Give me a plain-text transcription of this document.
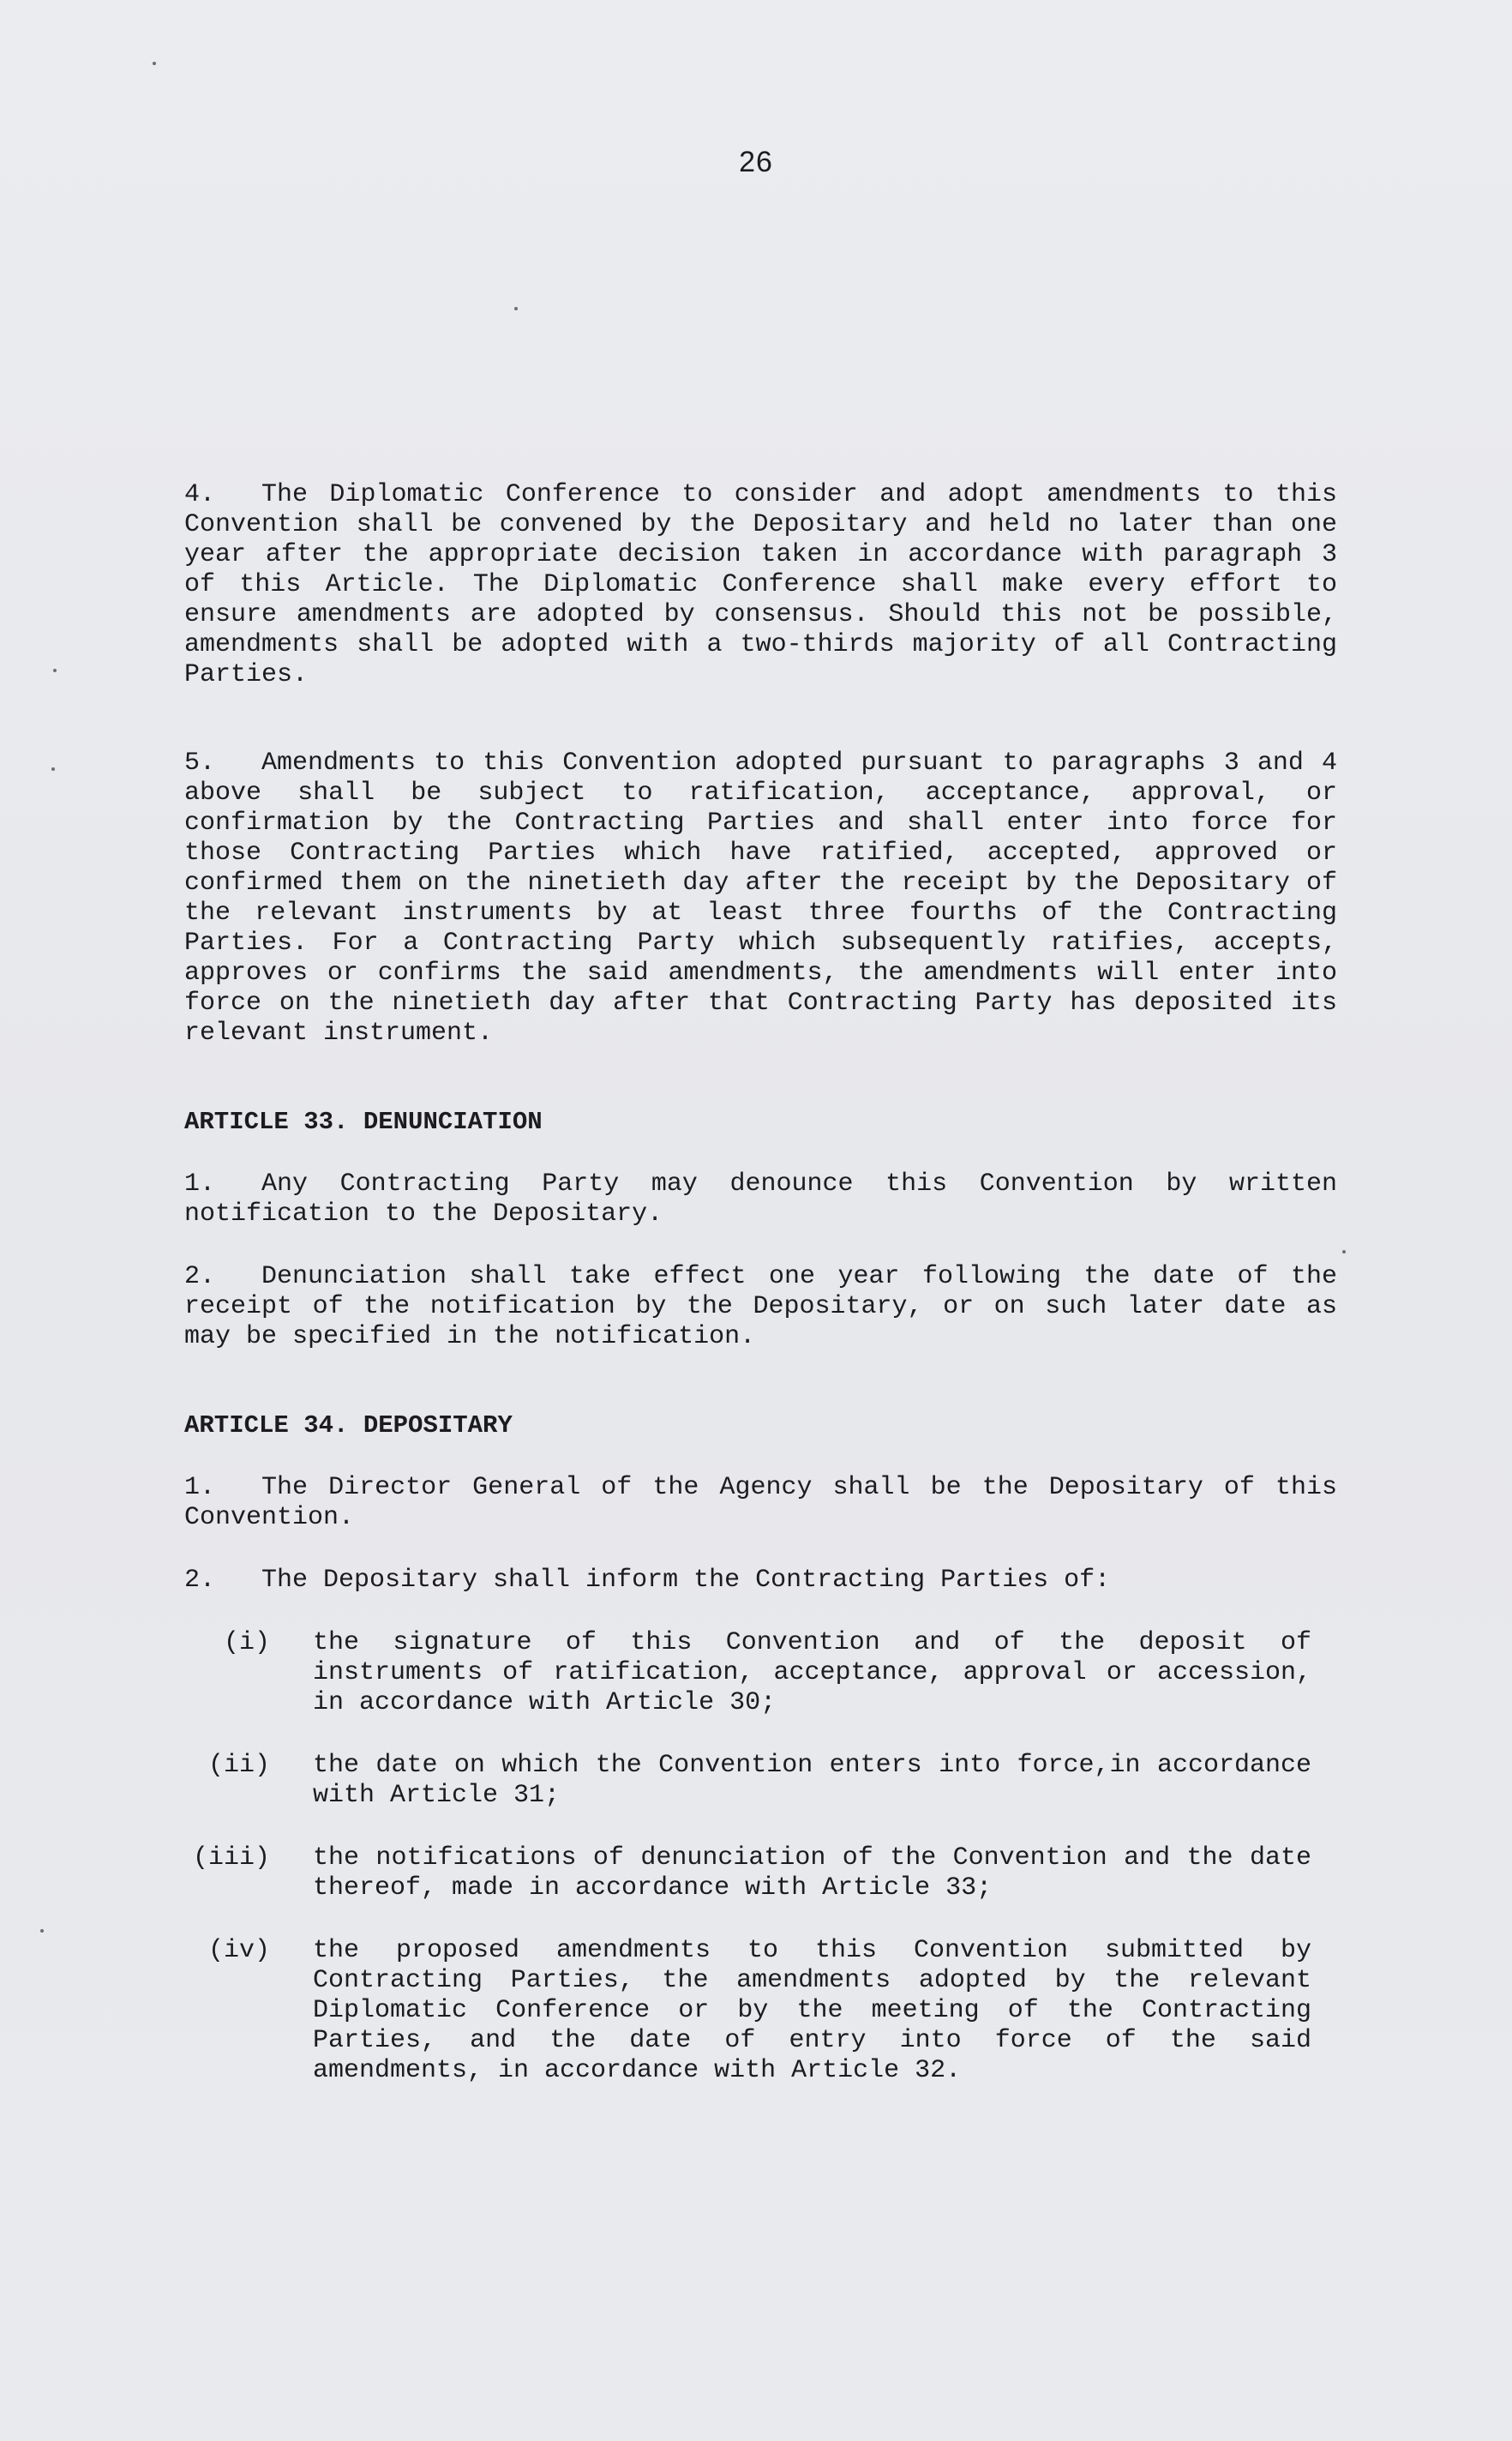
26

4. The Diplomatic Conference to consider and adopt amendments to this Convention shall be convened by the Depositary and held no later than one year after the appropriate decision taken in accordance with paragraph 3 of this Article. The Diplomatic Conference shall make every effort to ensure amendments are adopted by consensus. Should this not be possible, amendments shall be adopted with a two-thirds majority of all Contracting Parties.

5. Amendments to this Convention adopted pursuant to paragraphs 3 and 4 above shall be subject to ratification, acceptance, approval, or confirmation by the Contracting Parties and shall enter into force for those Contracting Parties which have ratified, accepted, approved or confirmed them on the ninetieth day after the receipt by the Depositary of the relevant instruments by at least three fourths of the Contracting Parties. For a Contracting Party which subsequently ratifies, accepts, approves or confirms the said amendments, the amendments will enter into force on the ninetieth day after that Contracting Party has deposited its relevant instrument.

ARTICLE 33. DENUNCIATION

1. Any Contracting Party may denounce this Convention by written notification to the Depositary.

2. Denunciation shall take effect one year following the date of the receipt of the notification by the Depositary, or on such later date as may be specified in the notification.

ARTICLE 34. DEPOSITARY

1. The Director General of the Agency shall be the Depositary of this Convention.

2. The Depositary shall inform the Contracting Parties of:

(i)	the signature of this Convention and of the deposit of instruments of ratification, acceptance, approval or accession, in accordance with Article 30;
(ii)	the date on which the Convention enters into force,in accordance with Article 31;
(iii)	the notifications of denunciation of the Convention and the date thereof, made in accordance with Article 33;
(iv)	the proposed amendments to this Convention submitted by Contracting Parties, the amendments adopted by the relevant Diplomatic Conference or by the meeting of the Contracting Parties, and the date of entry into force of the said amendments, in accordance with Article 32.
